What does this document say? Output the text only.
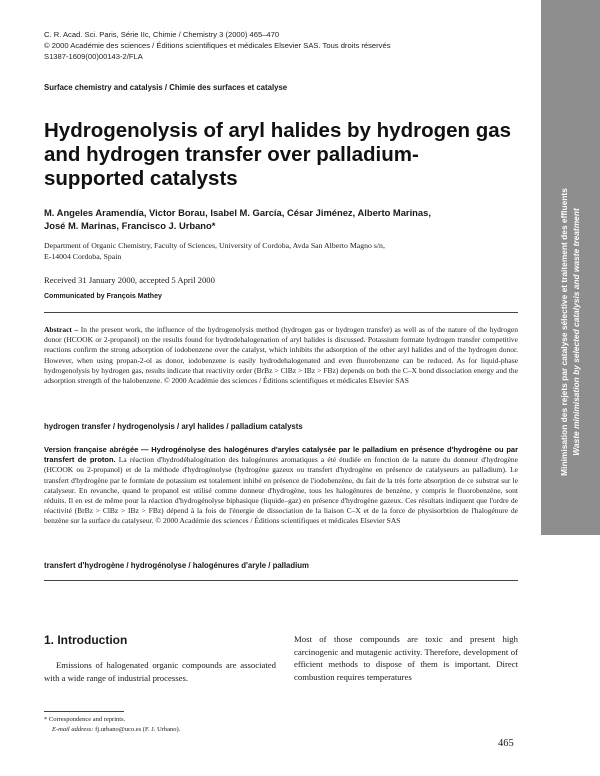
C. R. Acad. Sci. Paris, Série IIc, Chimie / Chemistry 3 (2000) 465–470
© 2000 Académie des sciences / Éditions scientifiques et médicales Elsevier SAS. Tous droits réservés
S1387-1609(00)00143-2/FLA
Surface chemistry and catalysis / Chimie des surfaces et catalyse
Hydrogenolysis of aryl halides by hydrogen gas and hydrogen transfer over palladium-supported catalysts
M. Angeles Aramendía, Victor Borau, Isabel M. García, César Jiménez, Alberto Marinas,
José M. Marinas, Francisco J. Urbano*
Department of Organic Chemistry, Faculty of Sciences, University of Cordoba, Avda San Alberto Magno s/n,
E-14004 Cordoba, Spain
Received 31 January 2000, accepted 5 April 2000
Communicated by François Mathey
Abstract – In the present work, the influence of the hydrogenolysis method (hydrogen gas or hydrogen transfer) as well as of the nature of the hydrogen donor (HCOOK or 2-propanol) on the results found for hydrodehalogenation of aryl halides is discussed. Potassium formate hydrogen transfer competitive reactions confirm the strong adsorption of iodobenzene over the catalyst, which inhibits the adsorption of the other aryl halides and of the hydrogen donor. However, when using propan-2-ol as donor, iodobenzene is easily hydrodehalogenated and even fluorobenzene can be reduced. As for liquid-phase hydrogenolysis by hydrogen gas, results indicate that reactivity order (BrBz > ClBz > IBz > FBz) depends on both the C–X bond dissociation energy and the adsorption strength of the halobenzene. © 2000 Académie des sciences / Éditions scientifiques et médicales Elsevier SAS
hydrogen transfer / hydrogenolysis / aryl halides / palladium catalysts
Version française abrégée — Hydrogénolyse des halogénures d'aryles catalysée par le palladium en présence d'hydrogène ou par transfert de proton. La réaction d'hydrodéhalogénation des halogénures aromatiques a été étudiée en fonction de la nature du donneur d'hydrogène (HCOOK ou 2-propanol) et de la méthode d'hydrogénolyse (hydrogène gazeux ou transfert d'hydrogène en présence de catalyseurs au palladium). Le transfert d'hydrogène par le formiate de potassium est totalement inhibé en présence de l'iodobenzène, du fait de la très forte absorption de ce substrat sur le catalyseur. En revanche, quand le propanol est utilisé comme donneur d'hydrogène, tous les halogénures de benzène, y compris le fluorobenzène, sont réduits. Il en est de même pour la réaction d'hydrogénolyse biphasique (liquide–gaz) en présence d'hydrogène gazeux. Ces résultats indiquent que l'ordre de réactivité (BrBz > ClBz > IBz > FBz) dépend à la fois de l'énergie de dissociation de la liaison C–X et de la force de physisorbtion de l'halogénure de benzène sur la surface du catalyseur. © 2000 Académie des sciences / Éditions scientifiques et médicales Elsevier SAS
transfert d'hydrogène / hydrogénolyse / halogénures d'aryle / palladium
1. Introduction
Emissions of halogenated organic compounds are associated with a wide range of industrial processes.
Most of those compounds are toxic and present high carcinogenic and mutagenic activity. Therefore, development of efficient methods to dispose of them is important. Direct combustion requires temperatures
* Correspondence and reprints.
E-mail address: fj.urbano@uco.es (F. J. Urbano).
465
Minimisation des rejets par catalyse sélective et traitement des effluents Waste minimisation by selected catalysis and waste treatment
